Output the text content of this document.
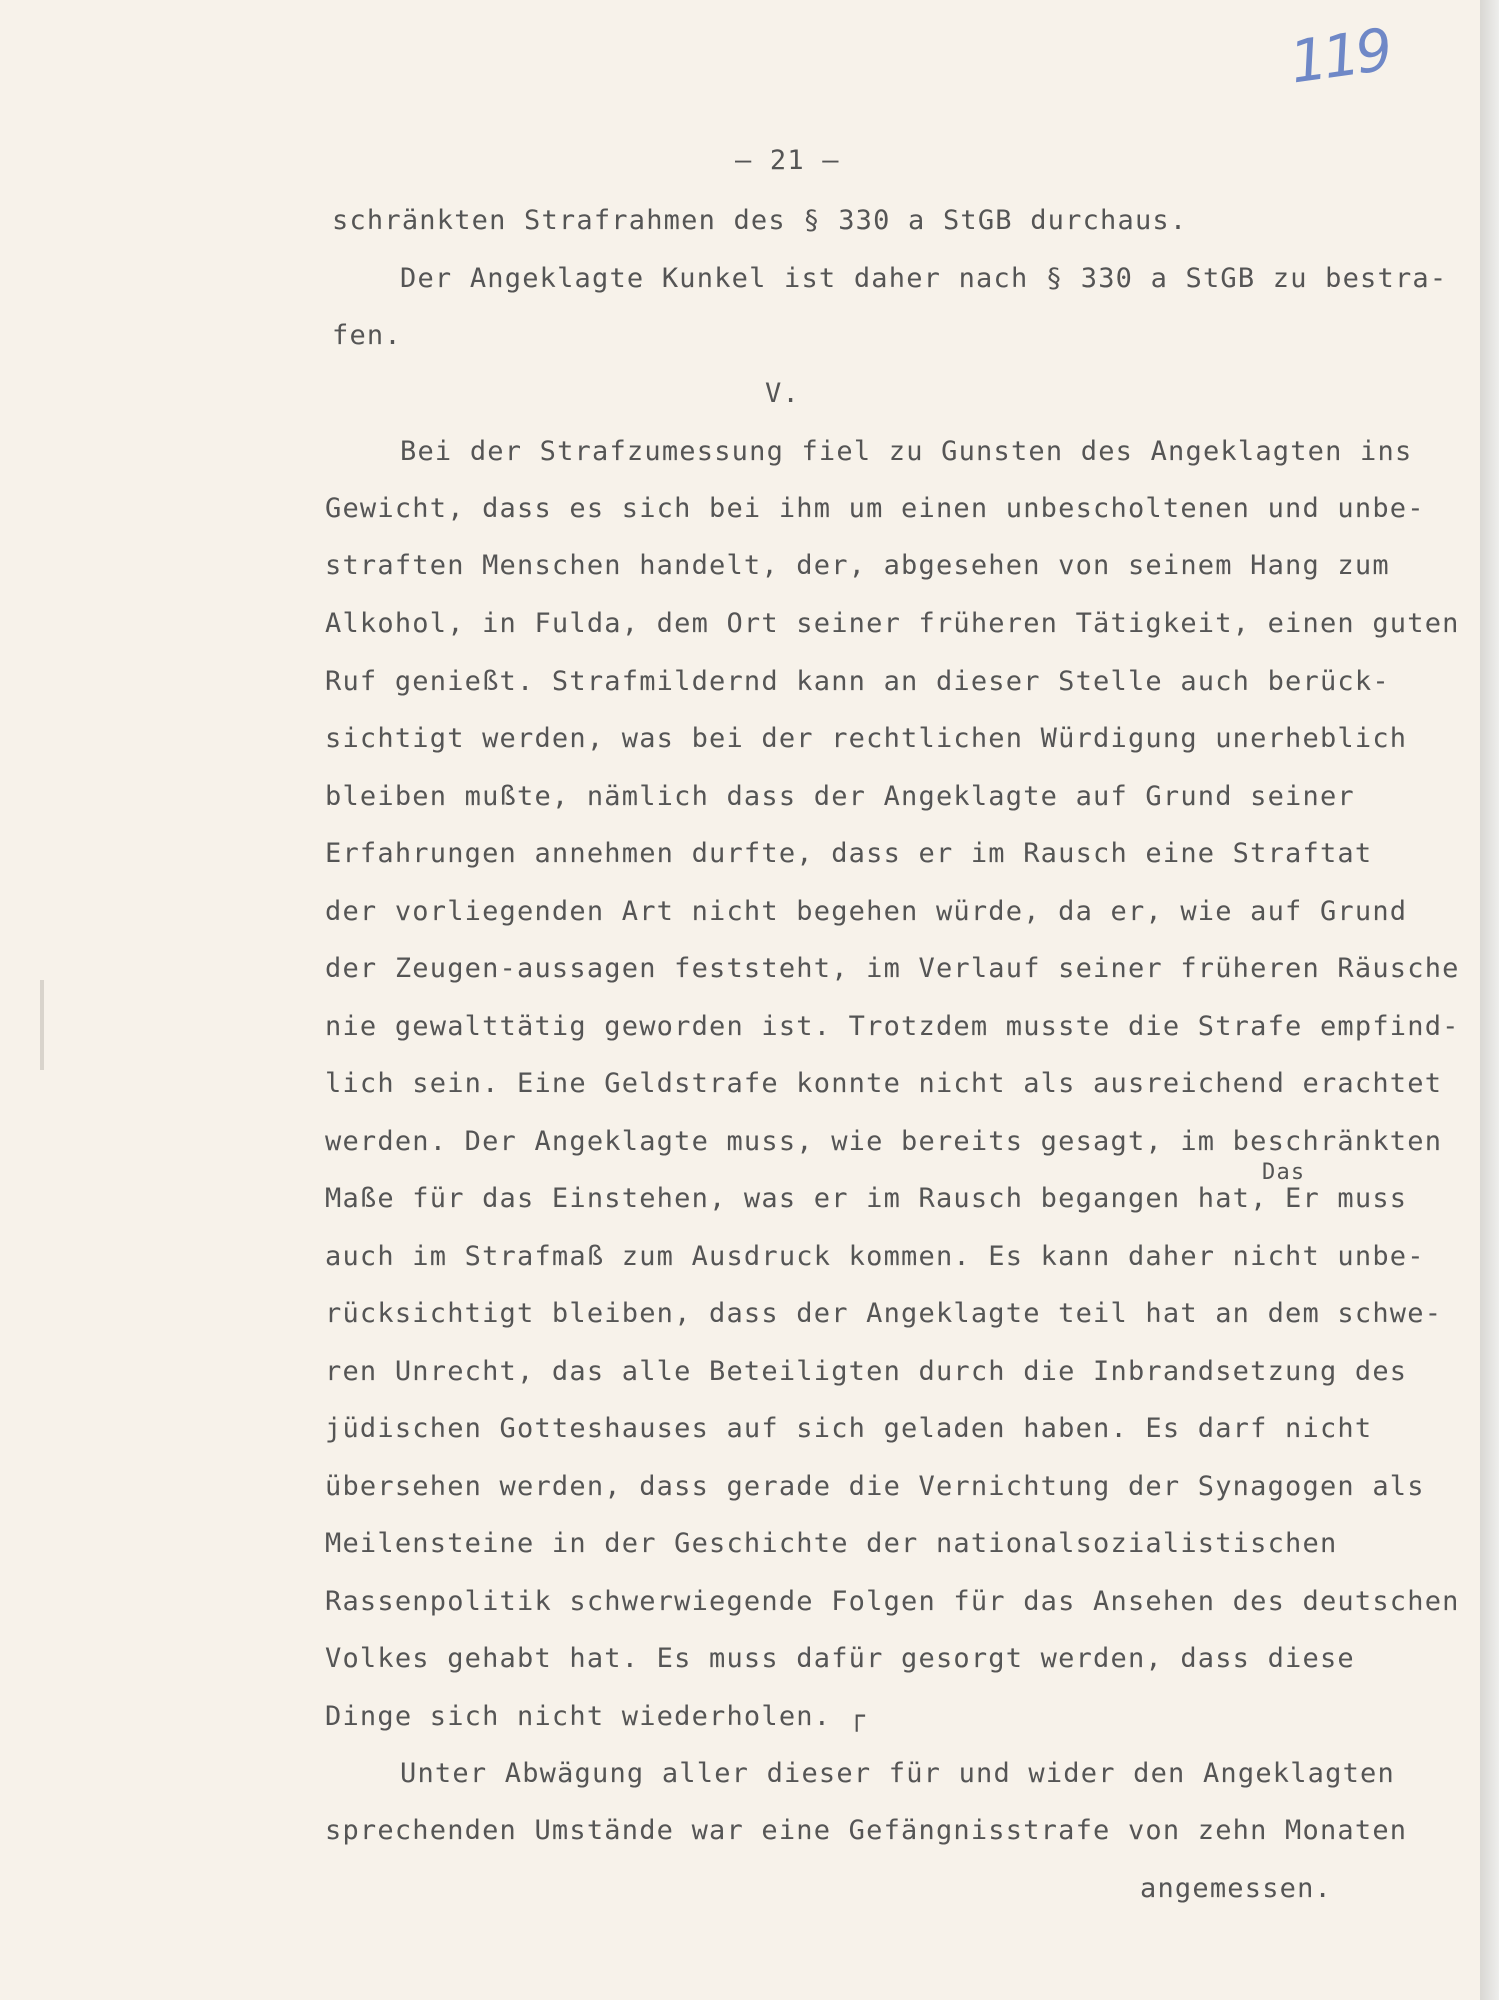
119
– 21 –
schränkten Strafrahmen des § 330 a StGB durchaus.
Der Angeklagte Kunkel ist daher nach § 330 a StGB zu bestra-
fen.
V.
Bei der Strafzumessung fiel zu Gunsten des Angeklagten ins
Gewicht, dass es sich bei ihm um einen unbescholtenen und unbe-
straften Menschen handelt, der, abgesehen von seinem Hang zum
Alkohol, in Fulda, dem Ort seiner früheren Tätigkeit, einen guten
Ruf genießt. Strafmildernd kann an dieser Stelle auch berück-
sichtigt werden, was bei der rechtlichen Würdigung unerheblich
bleiben mußte, nämlich dass der Angeklagte auf Grund seiner
Erfahrungen annehmen durfte, dass er im Rausch eine Straftat
der vorliegenden Art nicht begehen würde, da er, wie auf Grund
der Zeugen-aussagen feststeht, im Verlauf seiner früheren Räusche
nie gewalttätig geworden ist. Trotzdem musste die Strafe empfind-
lich sein. Eine Geldstrafe konnte nicht als ausreichend erachtet
werden. Der Angeklagte muss, wie bereits gesagt, im beschränkten
Das
Maße für das Einstehen, was er im Rausch begangen hat, Er muss
auch im Strafmaß zum Ausdruck kommen. Es kann daher nicht unbe-
rücksichtigt bleiben, dass der Angeklagte teil hat an dem schwe-
ren Unrecht, das alle Beteiligten durch die Inbrandsetzung des
jüdischen Gotteshauses auf sich geladen haben. Es darf nicht
übersehen werden, dass gerade die Vernichtung der Synagogen als
Meilensteine in der Geschichte der nationalsozialistischen
Rassenpolitik schwerwiegende Folgen für das Ansehen des deutschen
Volkes gehabt hat. Es muss dafür gesorgt werden, dass diese
Dinge sich nicht wiederholen. ┌
Unter Abwägung aller dieser für und wider den Angeklagten
sprechenden Umstände war eine Gefängnisstrafe von zehn Monaten
angemessen.
